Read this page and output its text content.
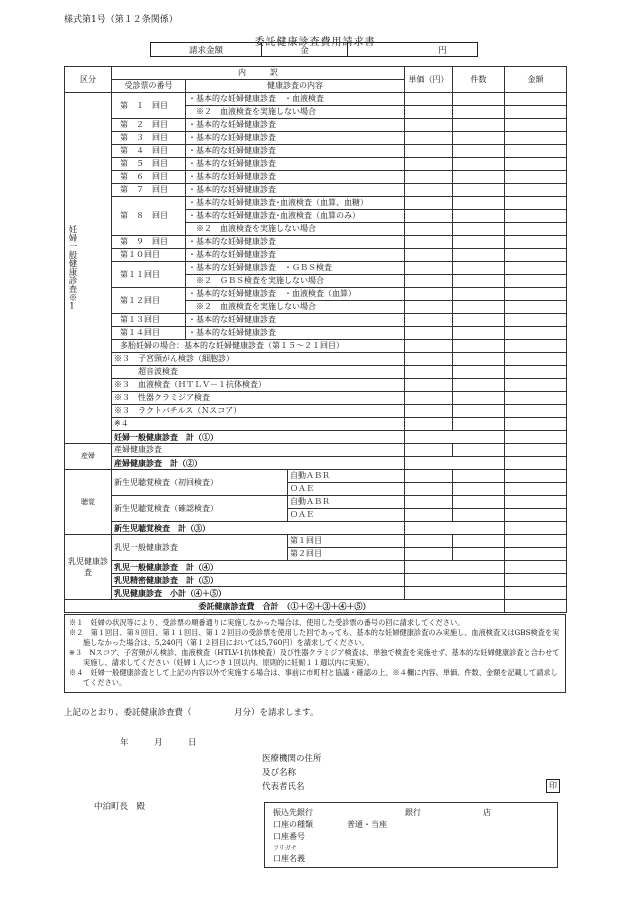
様式第1号（第１２条関係）
委託健康診査費用請求書
請求金額	金	円
区分	内　　　訳			単価（円）	件数	金額
	受診票の番号	健康診査の内容				

妊婦一般健康診査※1	第　１　回目	・基本的な妊婦健康診査　・血液検査				
		　※２　血液検査を実施しない場合				
	第　２　回目	・基本的な妊婦健康診査				
	第　３　回目	・基本的な妊婦健康診査				
	第　４　回目	・基本的な妊婦健康診査				
	第　５　回目	・基本的な妊婦健康診査				
	第　６　回目	・基本的な妊婦健康診査				
	第　７　回目	・基本的な妊婦健康診査				
	第　８　回目	・基本的な妊婦健康診査･血液検査（血算、血糖）				
		・基本的な妊婦健康診査･血液検査（血算のみ）				
		　※２　血液検査を実施しない場合				
	第　９　回目	・基本的な妊婦健康診査				
	第１０回目	・基本的な妊婦健康診査				
	第１１回目	・基本的な妊婦健康診査　・ＧＢＳ検査				
		　※２　ＧＢＳ検査を実施しない場合				
	第１２回目	・基本的な妊婦健康診査　・血液検査（血算）				
		　※２　血液検査を実施しない場合				
	第１３回目	・基本的な妊婦健康診査				
	第１４回目	・基本的な妊婦健康診査				
	多胎妊婦の場合：基本的な妊婦健康診査（第１５～２１回目）					
	※３　子宮頸がん検診（細胞診）					
	　　　超音波検査					
	※３　血液検査（ＨＴＬＶ－１抗体検査）					
	※３　性器クラミジア検査					
	※３　ラクトバチルス（Ｎスコア）					
	※４					
	妊婦一般健康診査　計（①）					
産婦	産婦健康診査					
	産婦健康診査　計（②）					
聴覚	新生児聴覚検査（初回検査）		自動ＡＢＲ			
			ＯＡＥ			
	新生児聴覚検査（確認検査）		自動ＡＢＲ			
			ＯＡＥ			
	新生児聴覚検査　計（③）					
乳児健康診査	乳児一般健康診査		第１回目			
			第２回目			
	乳児一般健康診査　計（④）					
	乳児精密健康診査　計（⑤）					
	乳児健康診査　小計（④＋⑤）					
委託健康診査費　合計　（①＋②＋③＋④＋⑤）						

※１　妊婦の状況等により、受診票の順番通りに実施しなかった場合は、使用した受診票の番号の回に請求してください。

※２　第１回目、第８回目、第１１回目、第１２回目の受診票を使用した回であっても、基本的な妊婦健康診査のみ実施し、血液検査又はGBS検査を実施しなかった場合は、5,240円（第１２回目においては5,760円）を請求してください。

※３　Nスコア、子宮頸がん検診、血液検査（HTLV-1抗体検査）及び性器クラミジア検査は、単独で検査を実施せず、基本的な妊婦健康診査と合わせて実施し、請求してください（妊婦１人につき１回以内、原則的に妊娠１１週以内に実施）。

※４　妊婦一般健康診査として上記の内容以外で実施する場合は、事前に市町村と協議・確認の上、※４欄に内容、単価、件数、金額を記載して請求してください。

上記のとおり、委託健康診査費（　　　　　月分）を請求します。
年　　　月　　　日
医療機関の住所
及び名称
代表者氏名	印
中泊町長　殿
振込先銀行	銀行	店
口座の種類	普通・当座
口座番号
フリガナ
口座名義
